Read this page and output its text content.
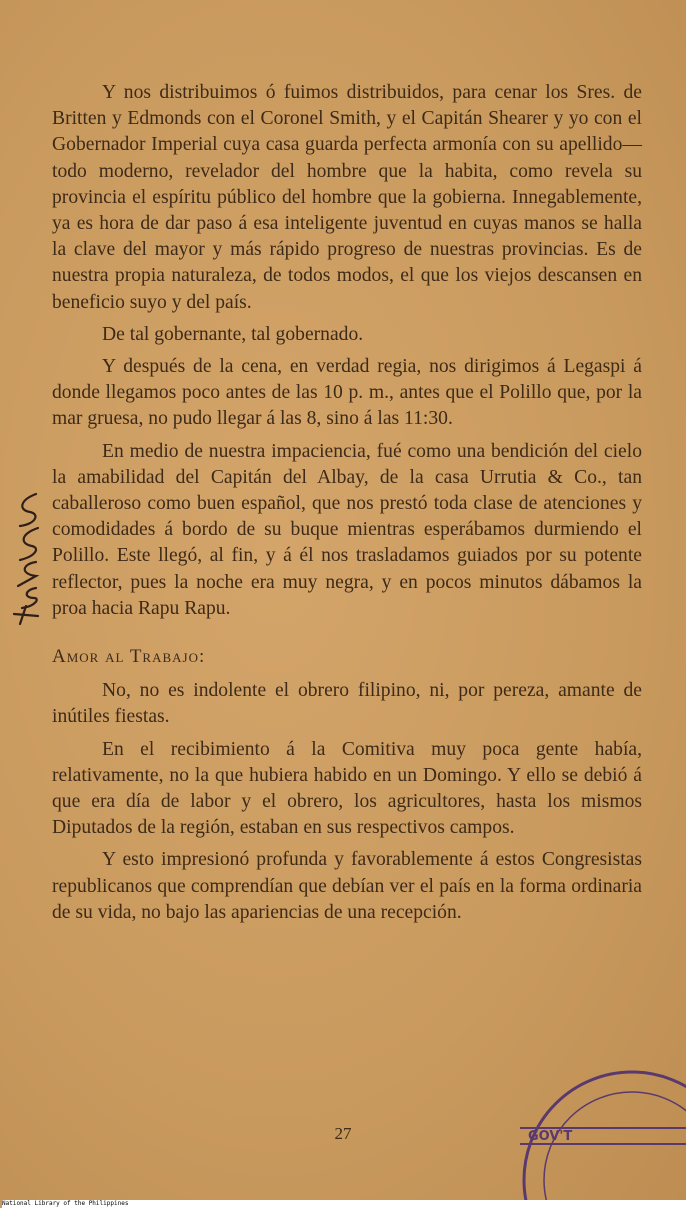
Y nos distribuimos ó fuimos distribuidos, para cenar los Sres. de Britten y Edmonds con el Coronel Smith, y el Capitán Shearer y yo con el Gobernador Imperial cuya casa guarda perfecta armonía con su apellido—todo moderno, revelador del hombre que la habita, como revela su provincia el espíritu público del hombre que la gobierna. Innegablemente, ya es hora de dar paso á esa inteligente juventud en cuyas manos se halla la clave del mayor y más rápido progreso de nuestras provincias. Es de nuestra propia naturaleza, de todos modos, el que los viejos descansen en beneficio suyo y del país.

De tal gobernante, tal gobernado.

Y después de la cena, en verdad regia, nos dirigimos á Legaspi á donde llegamos poco antes de las 10 p. m., antes que el Polillo que, por la mar gruesa, no pudo llegar á las 8, sino á las 11:30.

En medio de nuestra impaciencia, fué como una bendición del cielo la amabilidad del Capitán del Albay, de la casa Urrutia & Co., tan caballeroso como buen español, que nos prestó toda clase de atenciones y comodidades á bordo de su buque mientras esperábamos durmiendo el Polillo. Este llegó, al fin, y á él nos trasladamos guiados por su potente reflector, pues la noche era muy negra, y en pocos minutos dábamos la proa hacia Rapu Rapu.

Amor al Trabajo:

No, no es indolente el obrero filipino, ni, por pereza, amante de inútiles fiestas.

En el recibimiento á la Comitiva muy poca gente había, relativamente, no la que hubiera habido en un Domingo. Y ello se debió á que era día de labor y el obrero, los agricultores, hasta los mismos Diputados de la región, estaban en sus respectivos campos.

Y esto impresionó profunda y favorablemente á estos Congresistas republicanos que comprendían que debían ver el país en la forma ordinaria de su vida, no bajo las apariencias de una recepción.

GOV'T
27
National Library of the Philippines
